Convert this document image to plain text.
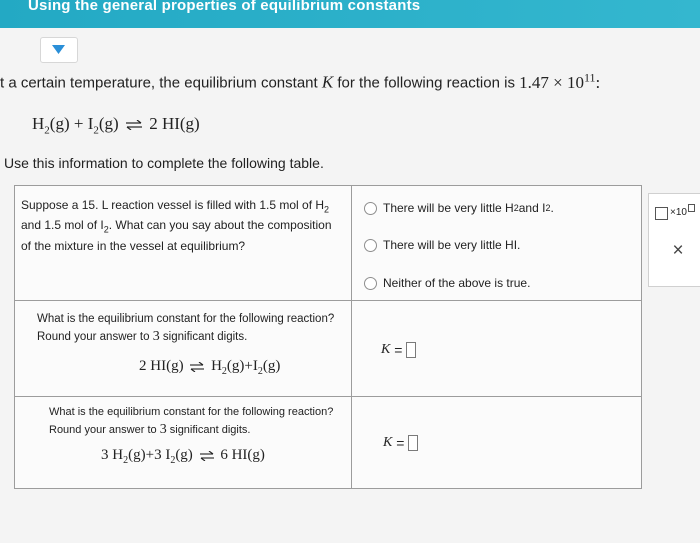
Using the general properties of equilibrium constants
t a certain temperature, the equilibrium constant K for the following reaction is $1.47 \times 10^{11}$:
$H_2(g) + I_2(g)$ ⇌ 2 HI(g)
Use this information to complete the following table.
Suppose a 15. L reaction vessel is filled with 1.5 mol of $H_2$ and 1.5 mol of $I_2$. What can you say about the composition of the mixture in the vessel at equilibrium?
There will be very little H 2 and I 2 .
There will be very little HI.
Neither of the above is true.
What is the equilibrium constant for the following reaction? Round your answer to 3 significant digits.
2 HI(g) ⇌ $H_2(g)+I_2(g)$
K
=
What is the equilibrium constant for the following reaction? Round your answer to 3 significant digits.
3 $H_2(g)+3$ $I_2(g)$ ⇌ 6 HI(g)
K
=
×10
×
